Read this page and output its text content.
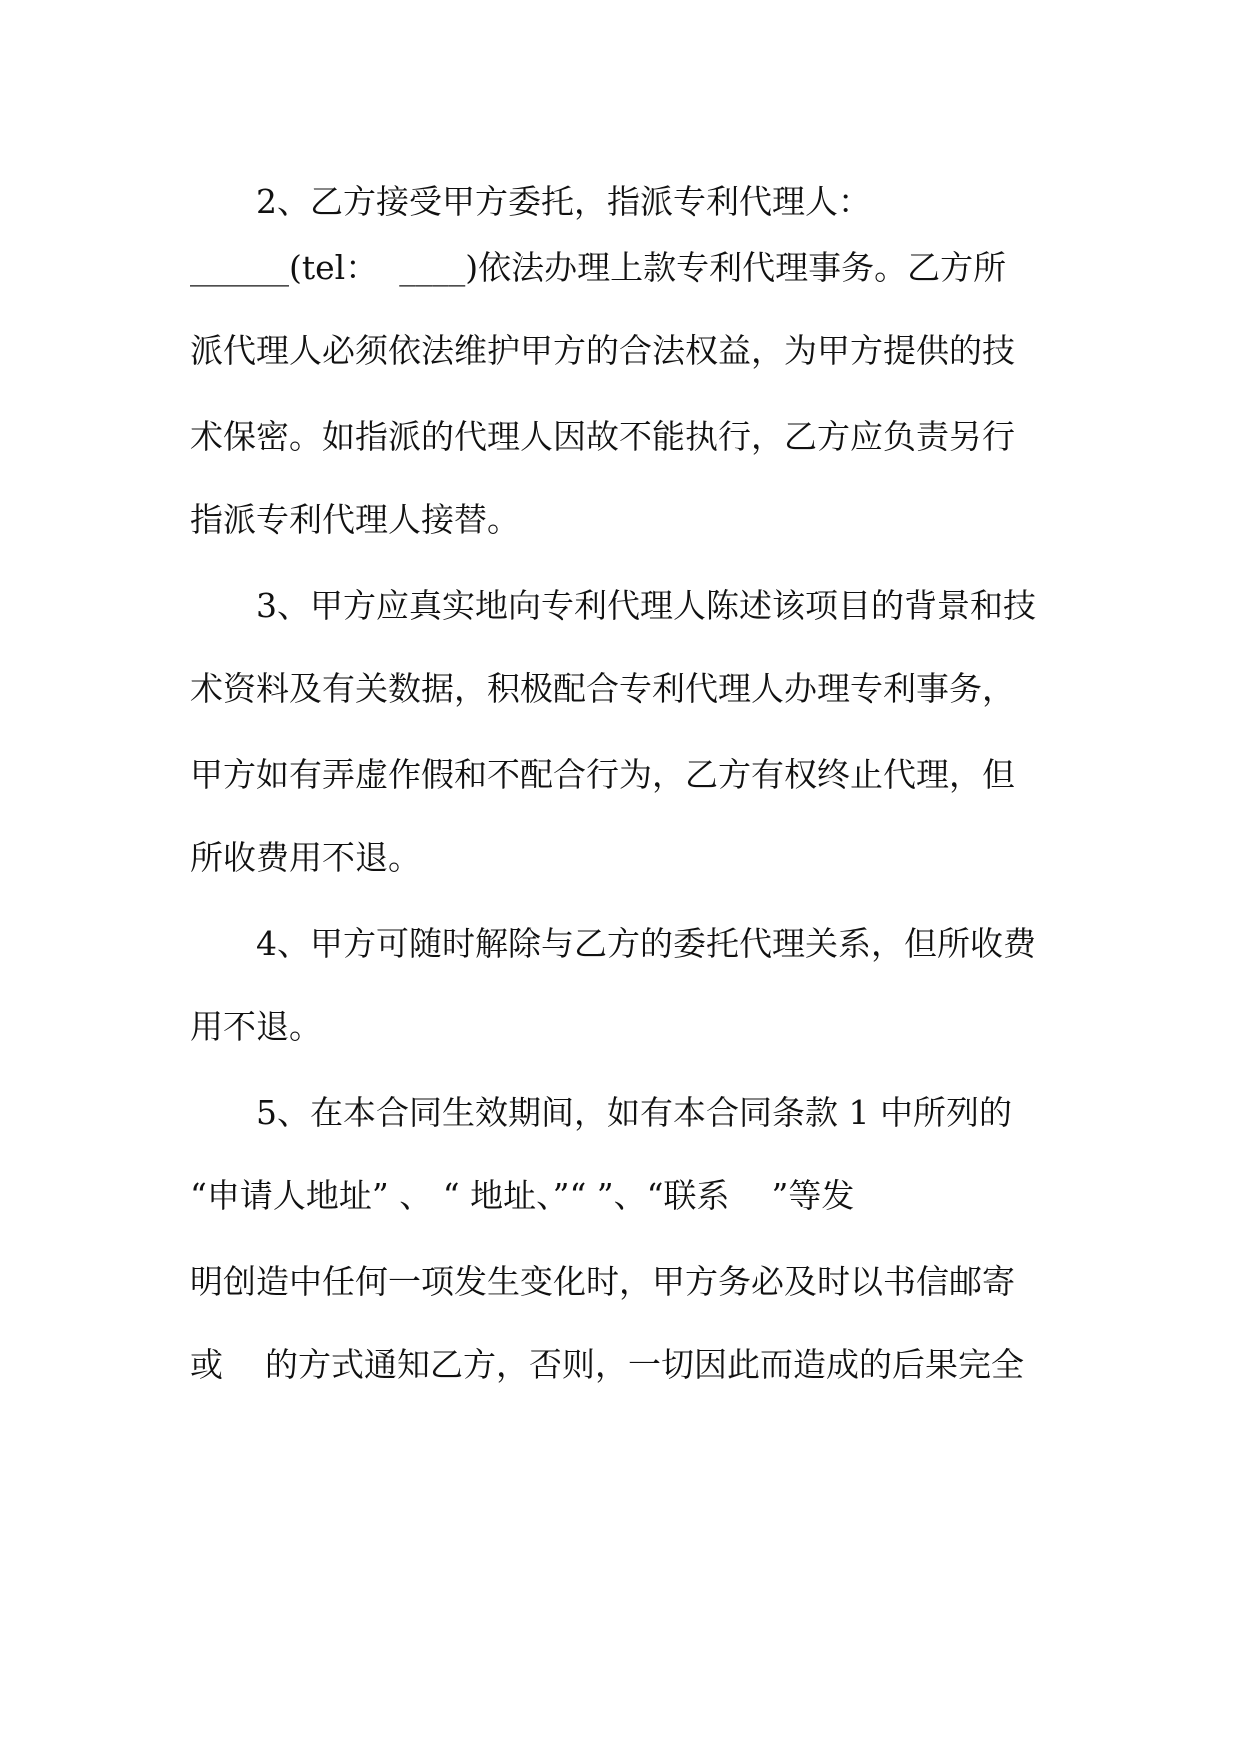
2、乙方接受甲方委托，指派专利代理人：
______(tel：  ____)依法办理上款专利代理事务。乙方所
派代理人必须依法维护甲方的合法权益，为甲方提供的技
术保密。如指派的代理人因故不能执行，乙方应负责另行
指派专利代理人接替。
3、甲方应真实地向专利代理人陈述该项目的背景和技
术资料及有关数据，积极配合专利代理人办理专利事务，
甲方如有弄虚作假和不配合行为，乙方有权终止代理，但
所收费用不退。
4、甲方可随时解除与乙方的委托代理关系，但所收费
用不退。
5、在本合同生效期间，如有本合同条款 1 中所列的
“申请人地址” 、 “ 地址、”“ ”、“联系    ”等发
明创造中任何一项发生变化时，甲方务必及时以书信邮寄
或    的方式通知乙方，否则，一切因此而造成的后果完全
